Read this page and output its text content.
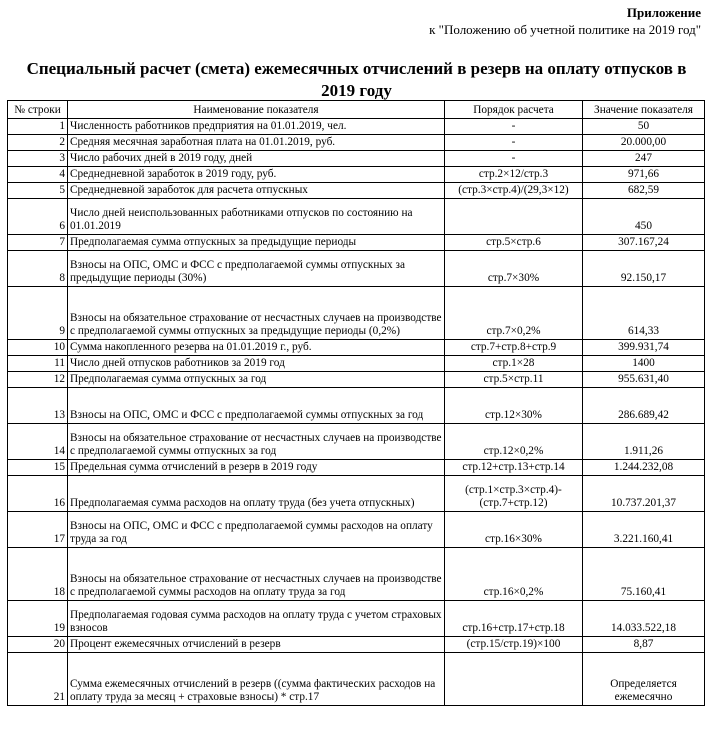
Приложение
к "Положению об учетной политике на 2019 год"
Специальный расчет (смета) ежемесячных отчислений в резерв на оплату отпусков в
2019 году
№ строки	Наименование показателя	Порядок расчета	Значение показателя
1	Численность работников предприятия на 01.01.2019, чел.	-	50
2	Средняя месячная заработная плата на 01.01.2019, руб.	-	20.000,00
3	Число рабочих дней в 2019 году, дней	-	247
4	Среднедневной заработок в 2019 году, руб.	стр.2×12/стр.3	971,66
5	Среднедневной заработок для расчета отпускных	(стр.3×стр.4)/(29,3×12)	682,59
6	Число дней неиспользованных работниками отпусков по состоянию на 01.01.2019		450
7	Предполагаемая сумма отпускных за предыдущие периоды	стр.5×стр.6	307.167,24
8	Взносы на ОПС, ОМС и ФСС с предполагаемой суммы отпускных за предыдущие периоды (30%)	стр.7×30%	92.150,17
9	Взносы на обязательное страхование от несчастных случаев на производстве с предполагаемой суммы отпускных за предыдущие периоды (0,2%)	стр.7×0,2%	614,33
10	Сумма накопленного резерва на 01.01.2019 г., руб.	стр.7+стр.8+стр.9	399.931,74
11	Число дней отпусков работников за 2019 год	стр.1×28	1400
12	Предполагаемая сумма отпускных за год	стр.5×стр.11	955.631,40
13	Взносы на ОПС, ОМС и ФСС с предполагаемой суммы отпускных за год	стр.12×30%	286.689,42
14	Взносы на обязательное страхование от несчастных случаев на производстве с предполагаемой суммы отпускных за год	стр.12×0,2%	1.911,26
15	Предельная сумма отчислений в резерв в 2019 году	стр.12+стр.13+стр.14	1.244.232,08
16	Предполагаемая сумма расходов на оплату труда (без учета отпускных)	(стр.1×стр.3×стр.4)-(стр.7+стр.12)	10.737.201,37
17	Взносы на ОПС, ОМС и ФСС с предполагаемой суммы расходов на оплату труда за год	стр.16×30%	3.221.160,41
18	Взносы на обязательное страхование от несчастных случаев на производстве с предполагаемой суммы расходов на оплату труда за год	стр.16×0,2%	75.160,41
19	Предполагаемая годовая сумма расходов на оплату труда с учетом страховых взносов	стр.16+стр.17+стр.18	14.033.522,18
20	Процент ежемесячных отчислений в резерв	(стр.15/стр.19)×100	8,87
21	Сумма ежемесячных отчислений в резерв ((сумма фактических расходов на оплату труда за месяц + страховые взносы) * стр.17		Определяется ежемесячно
